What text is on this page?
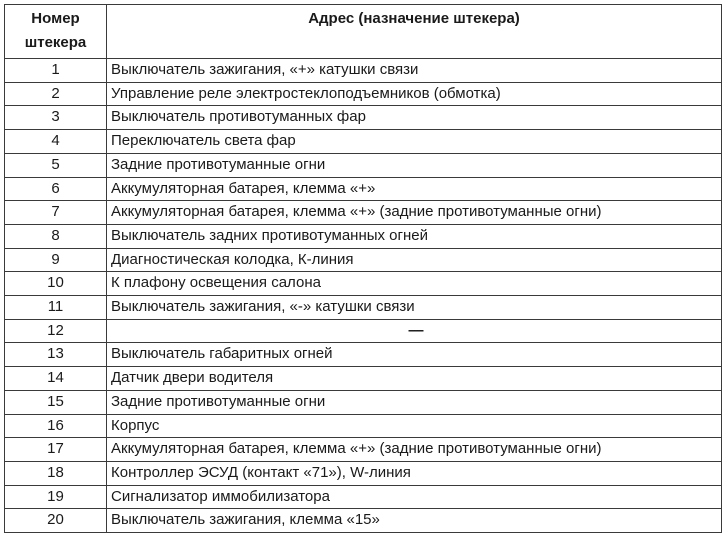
Номер
штекера	Адрес (назначение штекера)
1	Выключатель зажигания, «+» катушки связи
2	Управление реле электростеклоподъемников (обмотка)
3	Выключатель противотуманных фар
4	Переключатель света фар
5	Задние противотуманные огни
6	Аккумуляторная батарея, клемма «+»
7	Аккумуляторная батарея, клемма «+» (задние противотуманные огни)
8	Выключатель задних противотуманных огней
9	Диагностическая колодка, К-линия
10	К плафону освещения салона
11	Выключатель зажигания, «-» катушки связи
12	—
13	Выключатель габаритных огней
14	Датчик двери водителя
15	Задние противотуманные огни
16	Корпус
17	Аккумуляторная батарея, клемма «+» (задние противотуманные огни)
18	Контроллер ЭСУД (контакт «71»), W-линия
19	Сигнализатор иммобилизатора
20	Выключатель зажигания, клемма «15»
